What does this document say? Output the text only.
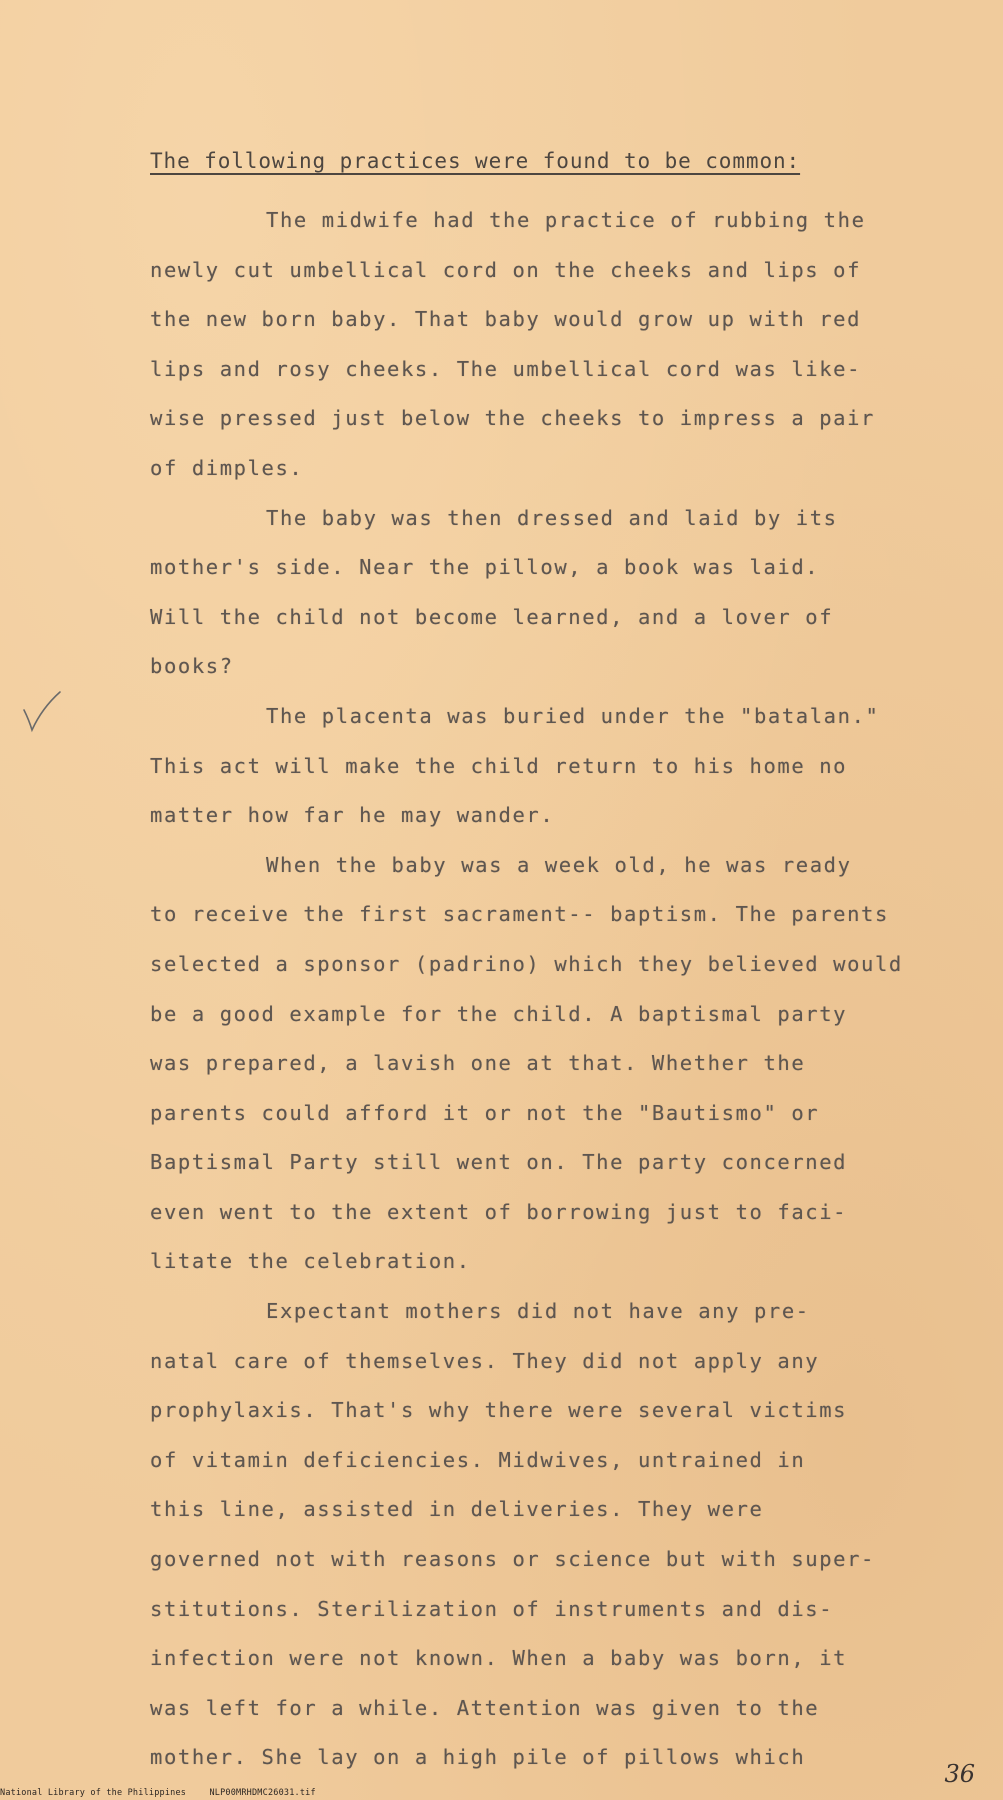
The following practices were found to be common:
The midwife had the practice of rubbing the
newly cut umbellical cord on the cheeks and lips of
the new born baby. That baby would grow up with red
lips and rosy cheeks. The umbellical cord was like-
wise pressed just below the cheeks to impress a pair
of dimples.
The baby was then dressed and laid by its
mother's side. Near the pillow, a book was laid.
Will the child not become learned, and a lover of
books?
The placenta was buried under the "batalan."
This act will make the child return to his home no
matter how far he may wander.
When the baby was a week old, he was ready
to receive the first sacrament-- baptism. The parents
selected a sponsor (padrino) which they believed would
be a good example for the child. A baptismal party
was prepared, a lavish one at that. Whether the
parents could afford it or not the "Bautismo" or
Baptismal Party still went on. The party concerned
even went to the extent of borrowing just to faci-
litate the celebration.
Expectant mothers did not have any pre-
natal care of themselves. They did not apply any
prophylaxis. That's why there were several victims
of vitamin deficiencies. Midwives, untrained in
this line, assisted in deliveries. They were
governed not with reasons or science but with super-
stitutions. Sterilization of instruments and dis-
infection were not known. When a baby was born, it
was left for a while. Attention was given to the
mother. She lay on a high pile of pillows which
36
National Library of the Philippines	NLP00MRHDMC26031.tif
